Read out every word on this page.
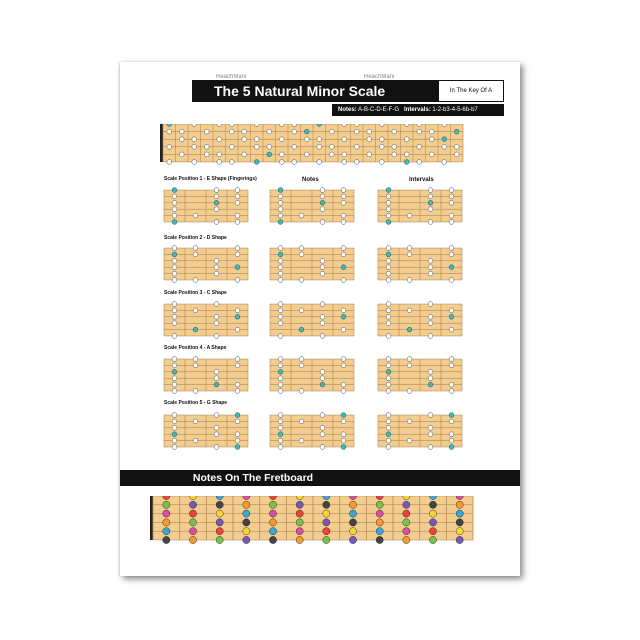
ReachMani	ReachMani
The 5 Natural Minor Scale Shapes
In The Key Of A
Notes: A-B-C-D-E-F-G Intervals: 1-2-b3-4-5-6b-b7
Notes	Intervals
Scale Position 1 - E Shape (Fingerings)
Scale Position 2 - D Shape
Scale Position 3 - C Shape
Scale Position 4 - A Shape
Scale Position 5 - G Shape
Notes On The Fretboard
